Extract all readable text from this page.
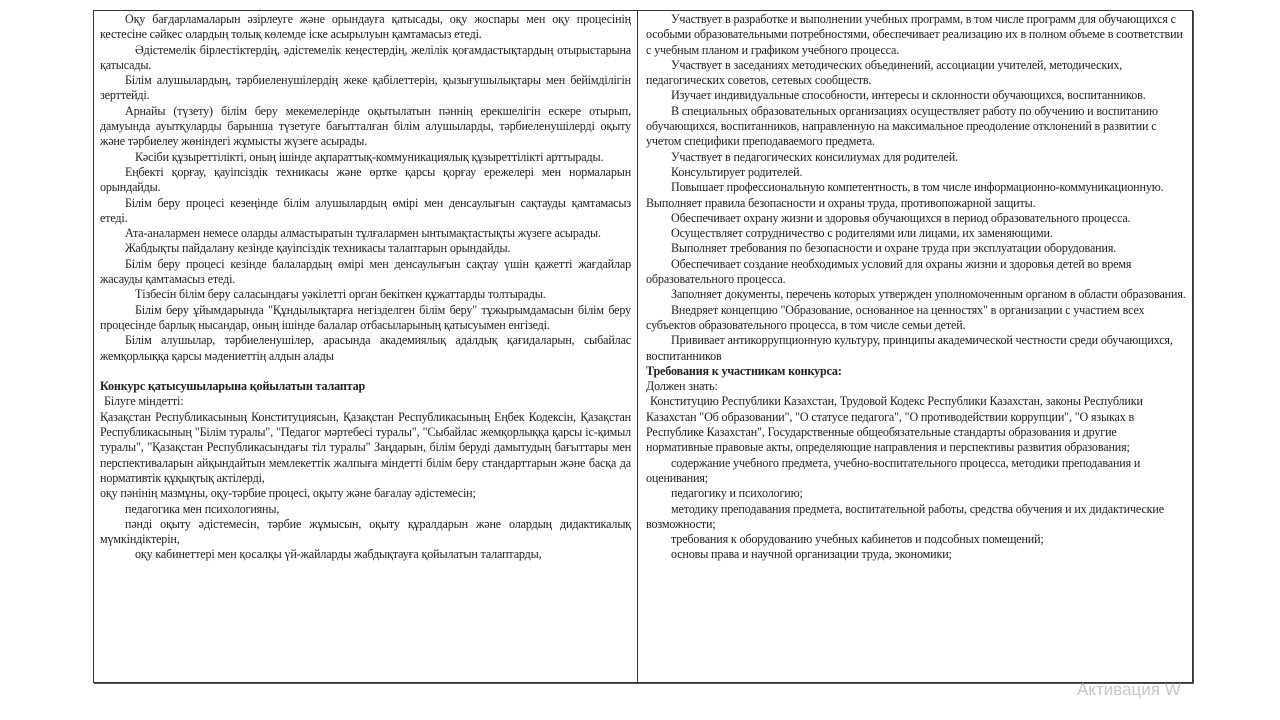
Оқу бағдарламаларын әзірлеуге және орындауға қатысады, оқу жоспары мен оқу процесінің кестесіне сәйкес олардың толық көлемде іске асырылуын қамтамасыз етеді.

Әдістемелік бірлестіктердің, әдістемелік кеңестердің, желілік қоғамдастықтардың отырыстарына қатысады.

Білім алушылардың, тәрбиеленушілердің жеке қабілеттерін, қызығушылықтары мен бейімділігін зерттейді.

Арнайы (түзету) білім беру мекемелерінде оқытылатын пәннің ерекшелігін ескере отырып, дамуында ауытқуларды барынша түзетуге бағытталған білім алушыларды, тәрбиеленушілерді оқыту және тәрбиелеу жөніндегі жұмысты жүзеге асырады.

Кәсіби құзыреттілікті, оның ішінде ақпараттық-коммуникациялық құзыреттілікті арттырады.

Еңбекті қорғау, қауіпсіздік техникасы және өртке қарсы қорғау ережелері мен нормаларын орындайды.

Білім беру процесі кезеңінде білім алушылардың өмірі мен денсаулығын сақтауды қамтамасыз етеді.

Ата-аналармен немесе оларды алмастыратын тұлғалармен ынтымақтастықты жүзеге асырады.

Жабдықты пайдалану кезінде қауіпсіздік техникасы талаптарын орындайды.

Білім беру процесі кезінде балалардың өмірі мен денсаулығын сақтау үшін қажетті жағдайлар жасауды қамтамасыз етеді.

Тізбесін білім беру саласындағы уәкілетті орган бекіткен құжаттарды толтырады.

Білім беру ұйымдарында "Құндылықтарға негізделген білім беру" тұжырымдамасын білім беру процесінде барлық нысандар, оның ішінде балалар отбасыларының қатысуымен енгізеді.

Білім алушылар, тәрбиеленушілер, арасында академиялық адалдық қағидаларын, сыбайлас жемқорлыққа қарсы мәдениеттің алдын алады

Конкурс қатысушыларына қойылатын талаптар

Білуге міндетті:

Қазақстан Республикасының Конституциясын, Қазақстан Республикасының Еңбек Кодексін, Қазақстан Республикасының "Білім туралы", "Педагог мәртебесі туралы", "Сыбайлас жемқорлыққа қарсы іс-қимыл туралы", "Қазақстан Республикасындағы тіл туралы" Заңдарын, білім беруді дамытудың бағыттары мен перспективаларын айқындайтын мемлекеттік жалпыға міндетті білім беру стандарттарын және басқа да нормативтік құқықтық актілерді,

оқу пәнінің мазмұны, оқу-тәрбие процесі, оқыту және бағалау әдістемесін;

педагогика мен психологияны,

пәнді оқыту әдістемесін, тәрбие жұмысын, оқыту құралдарын және олардың дидактикалық мүмкіндіктерін,

оқу кабинеттері мен қосалқы үй-жайларды жабдықтауға қойылатын талаптарды,

Участвует в разработке и выполнении учебных программ, в том числе программ для обучающихся с особыми образовательными потребностями, обеспечивает реализацию их в полном объеме в соответствии с учебным планом и графиком учебного процесса.

Участвует в заседаниях методических объединений, ассоциации учителей, методических, педагогических советов, сетевых сообществ.

Изучает индивидуальные способности, интересы и склонности обучающихся, воспитанников.

В специальных образовательных организациях осуществляет работу по обучению и воспитанию обучающихся, воспитанников, направленную на максимальное преодоление отклонений в развитии с учетом специфики преподаваемого предмета.

Участвует в педагогических консилиумах для родителей.

Консультирует родителей.

Повышает профессиональную компетентность, в том числе информационно-коммуникационную. Выполняет правила безопасности и охраны труда, противопожарной защиты.

Обеспечивает охрану жизни и здоровья обучающихся в период образовательного процесса.

Осуществляет сотрудничество с родителями или лицами, их заменяющими.

Выполняет требования по безопасности и охране труда при эксплуатации оборудования.

Обеспечивает создание необходимых условий для охраны жизни и здоровья детей во время образовательного процесса.

Заполняет документы, перечень которых утвержден уполномоченным органом в области образования.

Внедряет концепцию "Образование, основанное на ценностях" в организации с участием всех субъектов образовательного процесса, в том числе семьи детей.

Прививает антикоррупционную культуру, принципы академической честности среди обучающихся, воспитанников

Требования к участникам конкурса:

Должен знать:

Конституцию Республики Казахстан, Трудовой Кодекс Республики Казахстан, законы Республики Казахстан "Об образовании", "О статусе педагога", "О противодействии коррупции", "О языках в Республике Казахстан", Государственные общеобязательные стандарты образования и другие нормативные правовые акты, определяющие направления и перспективы развития образования;

содержание учебного предмета, учебно-воспитательного процесса, методики преподавания и оценивания;

педагогику и психологию;

методику преподавания предмета, воспитательной работы, средства обучения и их дидактические возможности;

требования к оборудованию учебных кабинетов и подсобных помещений;

основы права и научной организации труда, экономики;

Активация W
